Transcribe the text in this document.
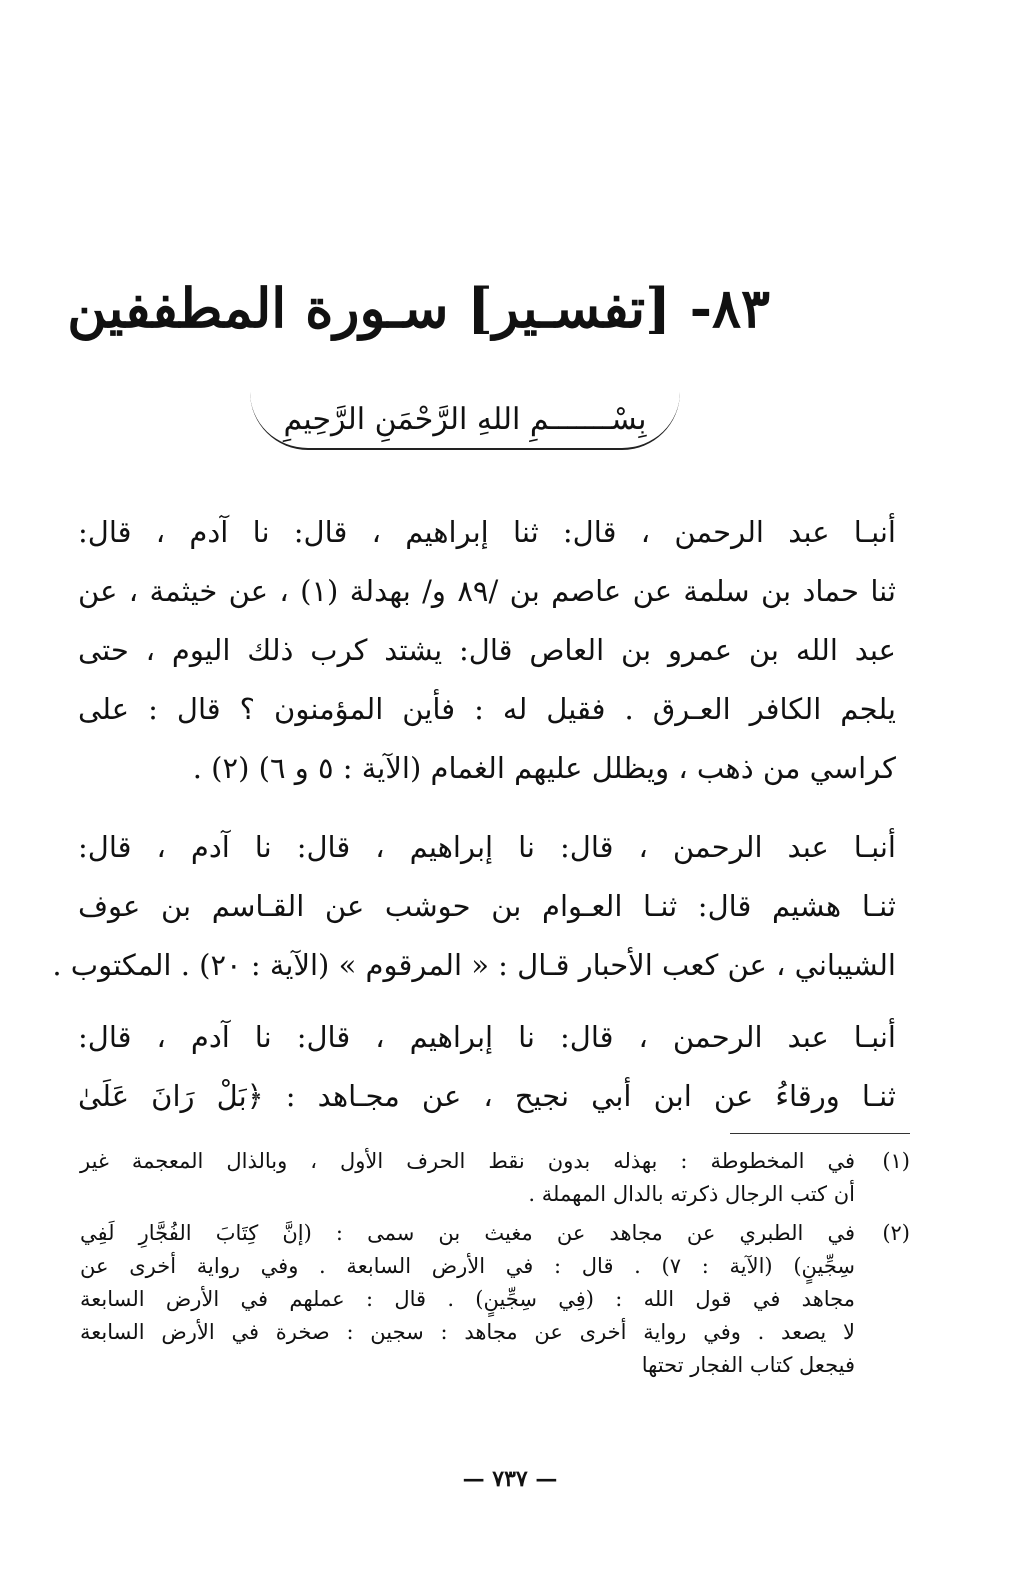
٨٣- [تفسـير] سـورة المطففين
بِسْـــــــمِ اللهِ الرَّحْمَنِ الرَّحِيمِ

أنبـا عبد الرحمن ، قال: ثنا إبراهيم ، قال: نا آدم ، قال:

ثنا حماد بن سلمة عن عاصم بن /٨٩ و/ بهدلة (١) ، عن خيثمة ، عن

عبد الله بن عمرو بن العاص قال: يشتد كرب ذلك اليوم ، حتى

يلجم الكافر العـرق . فقيل له : فأين المؤمنون ؟ قال : على

كراسي من ذهب ، ويظلل عليهم الغمام (الآية : ٥ و ٦) (٢) .

أنبـا عبد الرحمن ، قال: نا إبراهيم ، قال: نا آدم ، قال:

ثنـا هشيم قال: ثنـا العـوام بن حوشب عن القـاسم بن عوف

الشيباني ، عن كعب الأحبار قـال : « المرقوم » (الآية : ٢٠) . المكتوب .

أنبـا عبد الرحمن ، قال: نا إبراهيم ، قال: نا آدم ، قال:

ثنـا ورقاءُ عن ابن أبي نجيح ، عن مجـاهد : ﴿بَلْ رَانَ عَلَىٰ

(١)

في المخطوطة : بهذله بدون نقط الحرف الأول ، وبالذال المعجمة غير

أن كتب الرجال ذكرته بالدال المهملة .

(٢)

في الطبري عن مجاهد عن مغيث بن سمى : (إنَّ كِتَابَ الفُجَّارِ لَفِي

سِجِّينٍ) (الآية : ٧) . قال : في الأرض السابعة . وفي رواية أخرى عن

مجاهد في قول الله : (فِي سِجِّينٍ) . قال : عملهم في الأرض السابعة

لا يصعد . وفي رواية أخرى عن مجاهد : سجين : صخرة في الأرض السابعة

فيجعل كتاب الفجار تحتها

— ٧٣٧ —
